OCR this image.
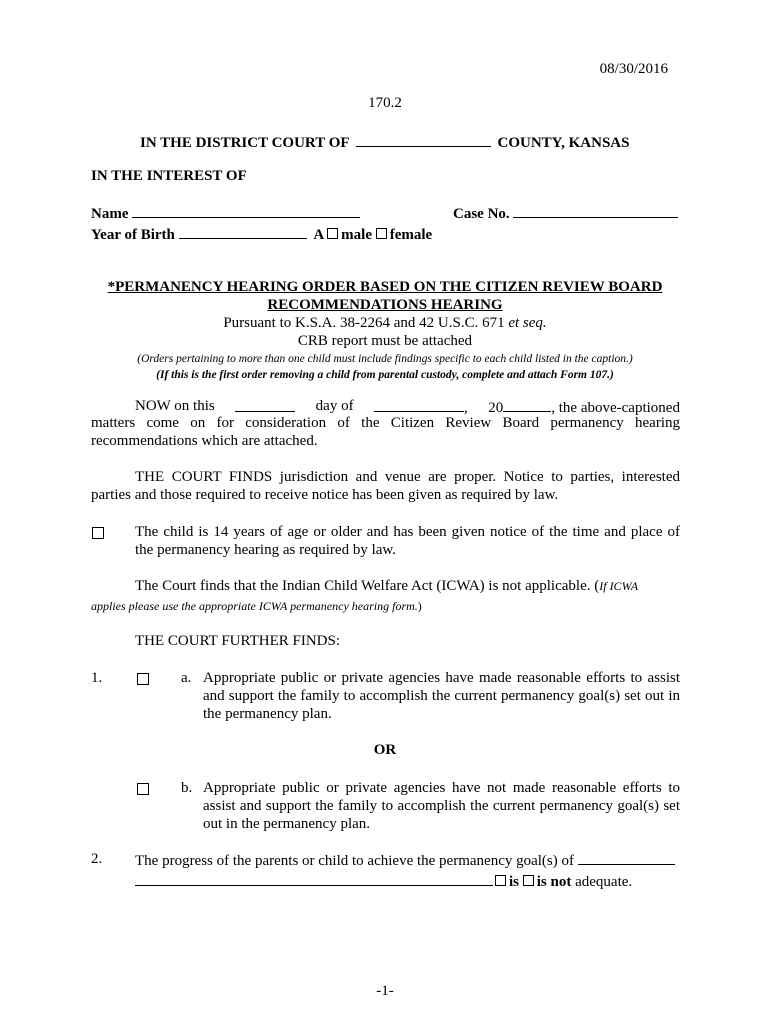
08/30/2016
170.2
IN THE DISTRICT COURT OF	COUNTY, KANSAS
IN THE INTEREST OF
Name	Case No.
Year of Birth	A male female
*PERMANENCY HEARING ORDER BASED ON THE CITIZEN REVIEW BOARD
RECOMMENDATIONS HEARING
Pursuant to K.S.A. 38-2264 and 42 U.S.C. 671 et seq.
CRB report must be attached
(Orders pertaining to more than one child must include findings specific to each child listed in the caption.)
(If this is the first order removing a child from parental custody, complete and attach Form 107.)
NOW on this	day of	, 20	, the above-captioned
matters come on for consideration of the Citizen Review Board permanency hearing
recommendations which are attached.
THE COURT FINDS jurisdiction and venue are proper. Notice to parties, interested
parties and those required to receive notice has been given as required by law.
The child is 14 years of age or older and has been given notice of the time and place of
the permanency hearing as required by law.
The Court finds that the Indian Child Welfare Act (ICWA) is not applicable. (If ICWA
applies please use the appropriate ICWA permanency hearing form.)
THE COURT FURTHER FINDS:
1.	a. Appropriate public or private agencies have made reasonable efforts to assist
and support the family to accomplish the current permanency goal(s) set out in
the permanency plan.
OR
b. Appropriate public or private agencies have not made reasonable efforts to
assist and support the family to accomplish the current permanency goal(s) set
out in the permanency plan.
2. The progress of the parents or child to achieve the permanency goal(s) of
is is not adequate.
-1-
